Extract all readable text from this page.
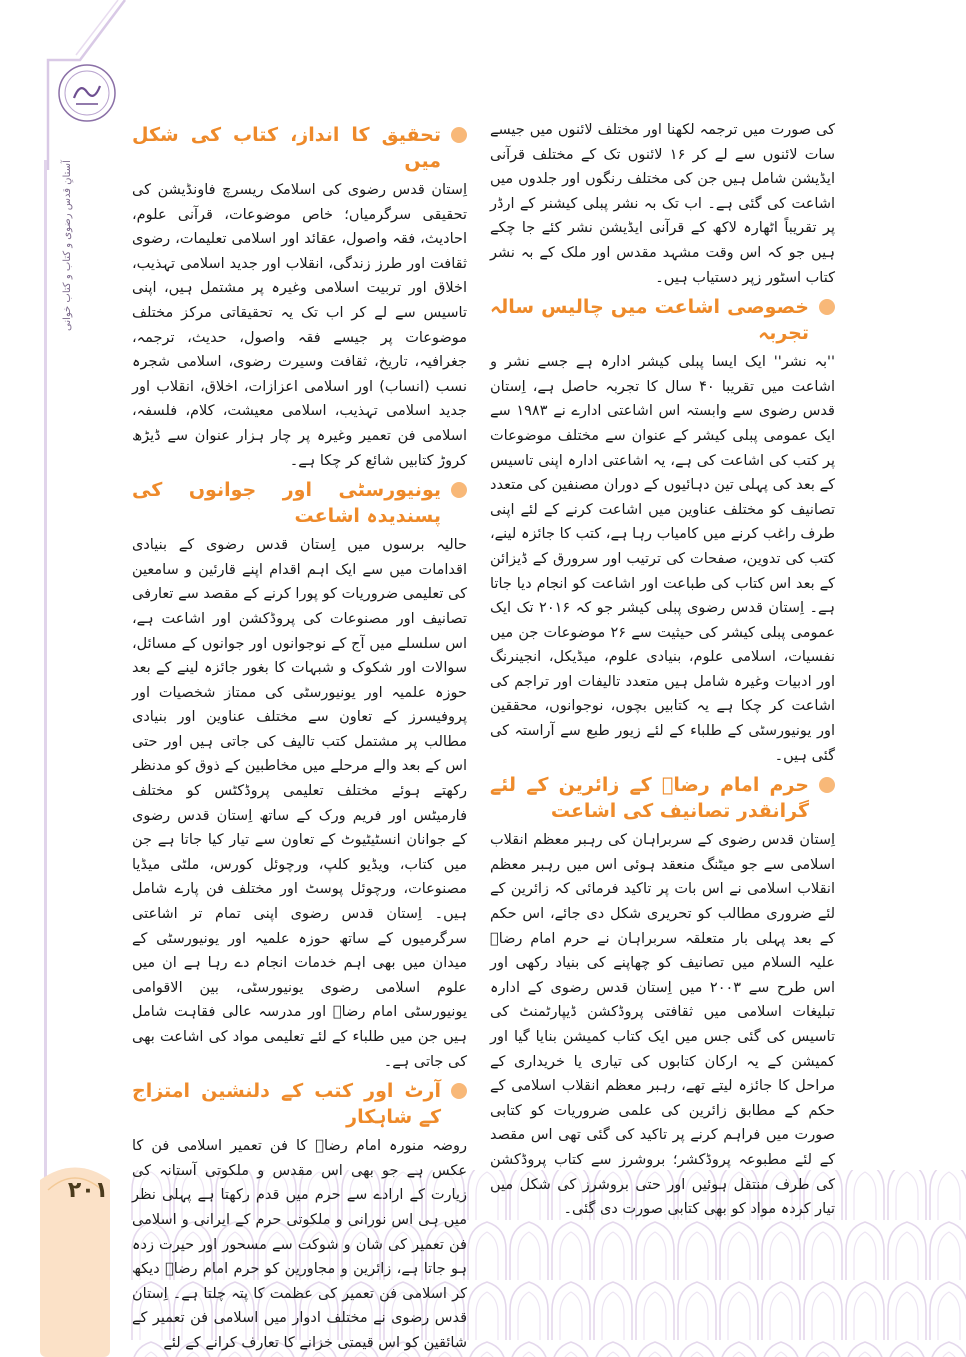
آستانِ قدس رضوی و کتاب و کتاب خوانی
۲۰۱

کی صورت میں ترجمہ لکھنا اور مختلف لائنوں میں جیسے سات لائنوں سے لے کر ۱۶ لائنوں تک کے مختلف قرآنی ایڈیشن شامل ہیں جن کی مختلف رنگوں اور جلدوں میں اشاعت کی گئی ہے۔ اب تک بہ نشر پبلی کیشنر کے ارڈر پر تقریباً اٹھارہ لاکھ کے قرآنی ایڈیشن نشر کئے جا چکے ہیں جو کہ اس وقت مشہد مقدس اور ملک کے بہ نشر کتاب اسٹور زپر دستیاب ہیں۔

خصوصی اشاعت میں چالیس سالہ تجربہ

''بہ نشر'' ایک ایسا پبلی کیشر ادارہ ہے جسے نشر و اشاعت میں تقریبا ۴۰ سال کا تجربہ حاصل ہے، اِستان قدس رضوی سے وابستہ اس اشاعتی ادارے نے ۱۹۸۳ سے ایک عمومی پبلی کیشر کے عنوان سے مختلف موضوعات پر کتب کی اشاعت کی ہے، یہ اشاعتی ادارہ اپنی تاسیس کے بعد کی پہلی تین دہائیوں کے دوران مصنفین کی متعدد تصانیف کو مختلف عناوین میں اشاعت کرنے کے لئے اپنی طرف راغب کرنے میں کامیاب رہا ہے، کتب کا جائزہ لینے، کتب کی تدوین، صفحات کی ترتیب اور سرورق کے ڈیزائن کے بعد اس کتاب کی طباعت اور اشاعت کو انجام دیا جاتا ہے۔ اِستان قدس رضوی پبلی کیشر جو کہ ۲۰۱۶ تک ایک عمومی پبلی کیشر کی حیثیت سے ۲۶ موضوعات جن میں نفسیات، اسلامی علوم، بنیادی علوم، میڈیکل، انجینرنگ اور ادبیات وغیرہ شامل ہیں متعدد تالیفات اور تراجم کی اشاعت کر چکا ہے یہ کتابیں بچوں، نوجوانوں، محققین اور یونیورسٹی کے طلباء کے لئے زیور طبع سے آراستہ کی گئی ہیں۔

حرم امام رضاؑ کے زائرین کے لئے گرانقدر تصانیف کی اشاعت

اِستان قدس رضوی کے سربراہان کی رہبر معظم انقلاب اسلامی سے جو میٹنگ منعقد ہوئی اس میں رہبر معظم انقلاب اسلامی نے اس بات پر تاکید فرمائی کہ زائرین کے لئے ضروری مطالب کو تحریری شکل دی جائے، اس حکم کے بعد پہلی بار متعلقہ سربراہان نے حرم امام رضاؑ علیہ السلام میں تصانیف کو چھاپنے کی بنیاد رکھی اور اس طرح سے ۲۰۰۳ میں اِستان قدس رضوی کے ادارہ تبلیغات اسلامی میں ثقافتی پروڈکشن ڈیپارٹمنٹ کی تاسیس کی گئی جس میں ایک کتاب کمیشن بنایا گیا اور کمیشن کے یہ ارکان کتابوں کی تیاری یا خریداری کے مراحل کا جائزہ لیتے تھے، رہبر معظم انقلاب اسلامی کے حکم کے مطابق زائرین کی علمی ضروریات کو کتابی صورت میں فراہم کرنے پر تاکید کی گئی تھی اس مقصد کے لئے مطبوعہ پروڈکشر؛ بروشرز سے کتاب پروڈکشن کی طرف منتقل ہوئیں اور حتی بروشرز کی شکل میں تیار کردہ مواد کو بھی کتابی صورت دی گئی۔

تحقیق کا انداز، کتاب کی شکل میں

اِستان قدس رضوی کی اسلامک ریسرچ فاونڈیشن کی تحقیقی سرگرمیاں؛ خاص موضوعات، قرآنی علوم، احادیث، فقہ واصول، عقائد اور اسلامی تعلیمات، رضوی ثقافت اور طرز زندگی، انقلاب اور جدید اسلامی تہذیب، اخلاق اور تربیت اسلامی وغیرہ پر مشتمل ہیں، اپنی تاسیس سے لے کر اب تک یہ تحقیقاتی مرکز مختلف موضوعات پر جیسے فقہ واصول، حدیث، ترجمہ، جغرافیہ، تاریخ، ثقافت وسیرت رضوی، اسلامی شجرہ نسب (انساب) اور اسلامی اعزازات، اخلاق، انقلاب اور جدید اسلامی تہذیب، اسلامی معیشت، کلام، فلسفہ، اسلامی فن تعمیر وغیرہ پر چار ہزار عنوان سے ڈیڑھ کروڑ کتابیں شائع کر چکا ہے۔

یونیورسٹی اور جوانوں کی پسندیدہ اشاعت

حالیہ برسوں میں اِستان قدس رضوی کے بنیادی اقدامات میں سے ایک اہم اقدام اپنے قارئین و سامعین کی تعلیمی ضروریات کو پورا کرنے کے مقصد سے تعارفی تصانیف اور مصنوعات کی پروڈکشن اور اشاعت ہے، اس سلسلے میں آج کے نوجوانوں اور جوانوں کے مسائل، سوالات اور شکوک و شبہات کا بغور جائزہ لینے کے بعد حوزہ علمیہ اور یونیورسٹی کی ممتاز شخصیات اور پروفیسرز کے تعاون سے مختلف عناوین اور بنیادی مطالب پر مشتمل کتب تالیف کی جاتی ہیں اور حتی اس کے بعد والے مرحلے میں مخاطبین کے ذوق کو مدنظر رکھتے ہوئے مختلف تعلیمی پروڈکٹس کو مختلف فارمیٹس اور فریم ورک کے ساتھ اِستان قدس رضوی کے جوانان انسٹیٹیوٹ کے تعاون سے تیار کیا جاتا ہے جن میں کتاب، ویڈیو کلپ، ورچوئل کورس، ملٹی میڈیا مصنوعات، ورچوئل پوسٹ اور مختلف فن پارے شامل ہیں۔ اِستان قدس رضوی اپنی تمام تر اشاعتی سرگرمیوں کے ساتھ حوزہ علمیہ اور یونیورسٹی کے میدان میں بھی اہم خدمات انجام دے رہا ہے ان میں علوم اسلامی رضوی یونیورسٹی، بین الاقوامی یونیورسٹی امام رضاؑ اور مدرسہ عالی فقاہت شامل ہیں جن میں طلباء کے لئے تعلیمی مواد کی اشاعت بھی کی جاتی ہے۔

آرٹ اور کتب کے دلنشین امتزاج کے شاہکار

روضہ منورہ امام رضاؑ کا فن تعمیر اسلامی فن کا عکس ہے جو بھی اس مقدس و ملکوتی آستانہ کی زیارت کے ارادے سے حرم میں قدم رکھتا ہے پہلی نظر میں ہی اس نورانی و ملکوتی حرم کے ایرانی و اسلامی فن تعمیر کی شان و شوکت سے مسحور اور حیرت زدہ ہو جاتا ہے، زائرین و مجاورین کو حرم امام رضاؑ دیکھ کر اسلامی فن تعمیر کی عظمت کا پتہ چلتا ہے۔ اِستان قدس رضوی نے مختلف ادوار میں اسلامی فن تعمیر کے شائقین کو اس قیمتی خزانے کا تعارف کرانے کے لئے
